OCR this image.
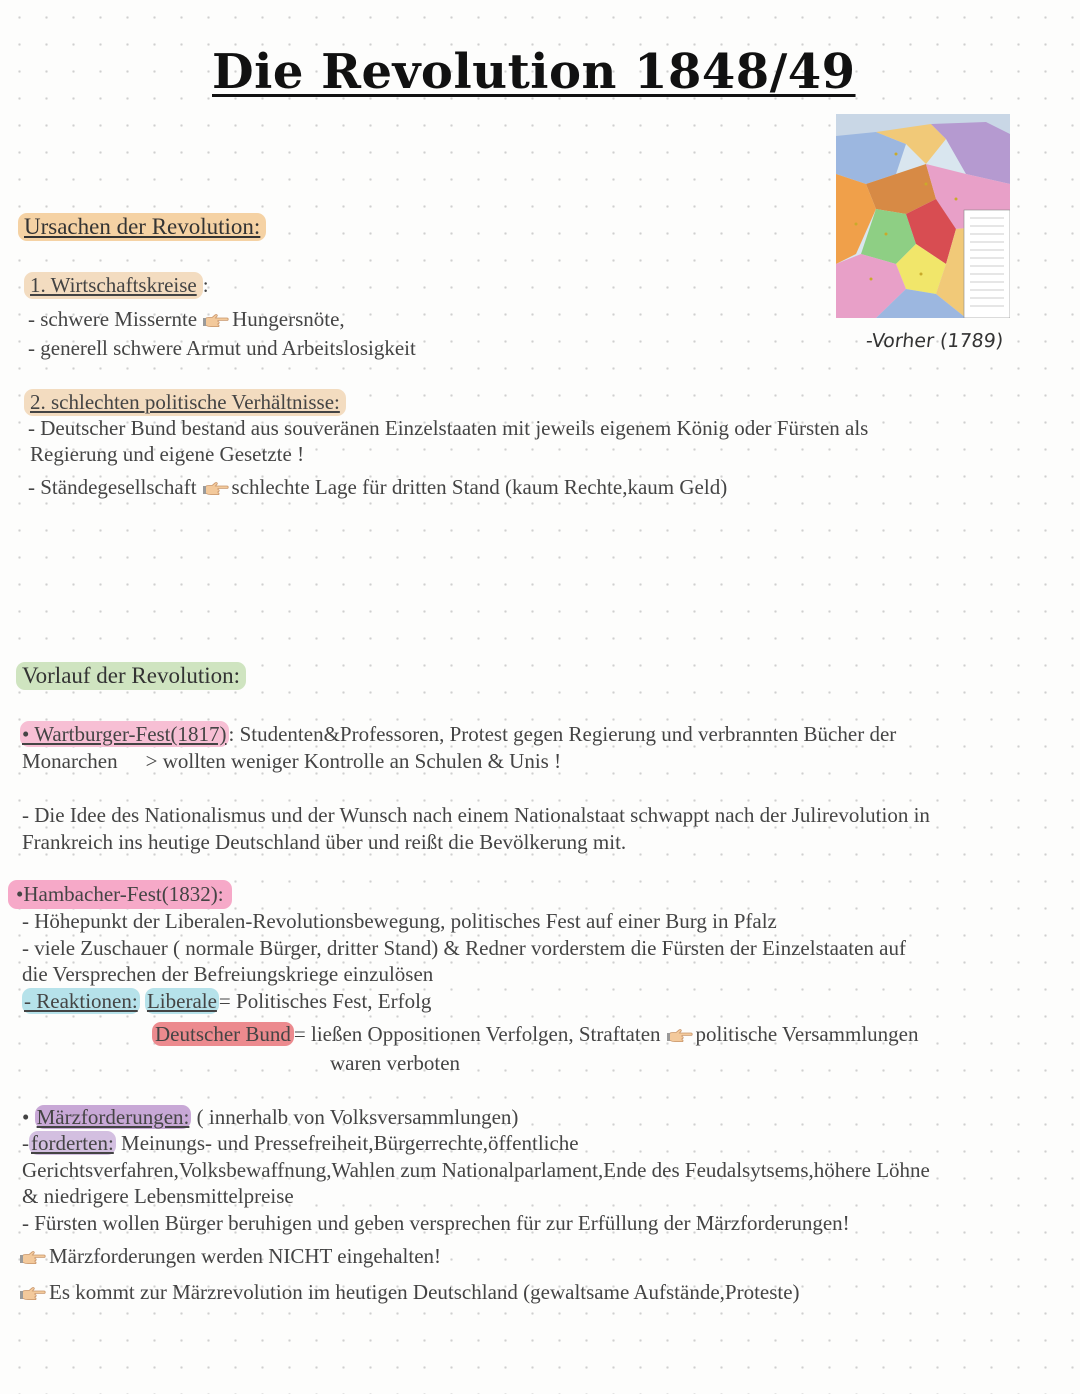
Die Revolution 1848/49
-Vorher (1789)
Ursachen der Revolution:
1. Wirtschaftskreise :
- schwere Missernte Hungersnöte,
- generell schwere Armut und Arbeitslosigkeit
2. schlechten politische Verhältnisse:
- Deutscher Bund bestand aus souveränen Einzelstaaten mit jeweils eigenem König oder Fürsten als
Regierung und eigene Gesetzte !
- Ständegesellschaft schlechte Lage für dritten Stand (kaum Rechte,kaum Geld)
Vorlauf der Revolution:
• Wartburger-Fest(1817): Studenten&Professoren, Protest gegen Regierung und verbrannten Bücher der
Monarchen > wollten weniger Kontrolle an Schulen & Unis !
- Die Idee des Nationalismus und der Wunsch nach einem Nationalstaat schwappt nach der Julirevolution in
Frankreich ins heutige Deutschland über und reißt die Bevölkerung mit.
•Hambacher-Fest(1832):
- Höhepunkt der Liberalen-Revolutionsbewegung, politisches Fest auf einer Burg in Pfalz
- viele Zuschauer ( normale Bürger, dritter Stand) & Redner vorderstem die Fürsten der Einzelstaaten auf
die Versprechen der Befreiungskriege einzulösen
- Reaktionen: Liberale= Politisches Fest, Erfolg
Deutscher Bund = ließen Oppositionen Verfolgen, Straftaten politische Versammlungen
waren verboten
• Märzforderungen: ( innerhalb von Volksversammlungen)
-forderten: Meinungs- und Pressefreiheit,Bürgerrechte,öffentliche
Gerichtsverfahren,Volksbewaffnung,Wahlen zum Nationalparlament,Ende des Feudalsytsems,höhere Löhne
& niedrigere Lebensmittelpreise
- Fürsten wollen Bürger beruhigen und geben versprechen für zur Erfüllung der Märzforderungen!
Märzforderungen werden NICHT eingehalten!
Es kommt zur Märzrevolution im heutigen Deutschland (gewaltsame Aufstände,Proteste)
